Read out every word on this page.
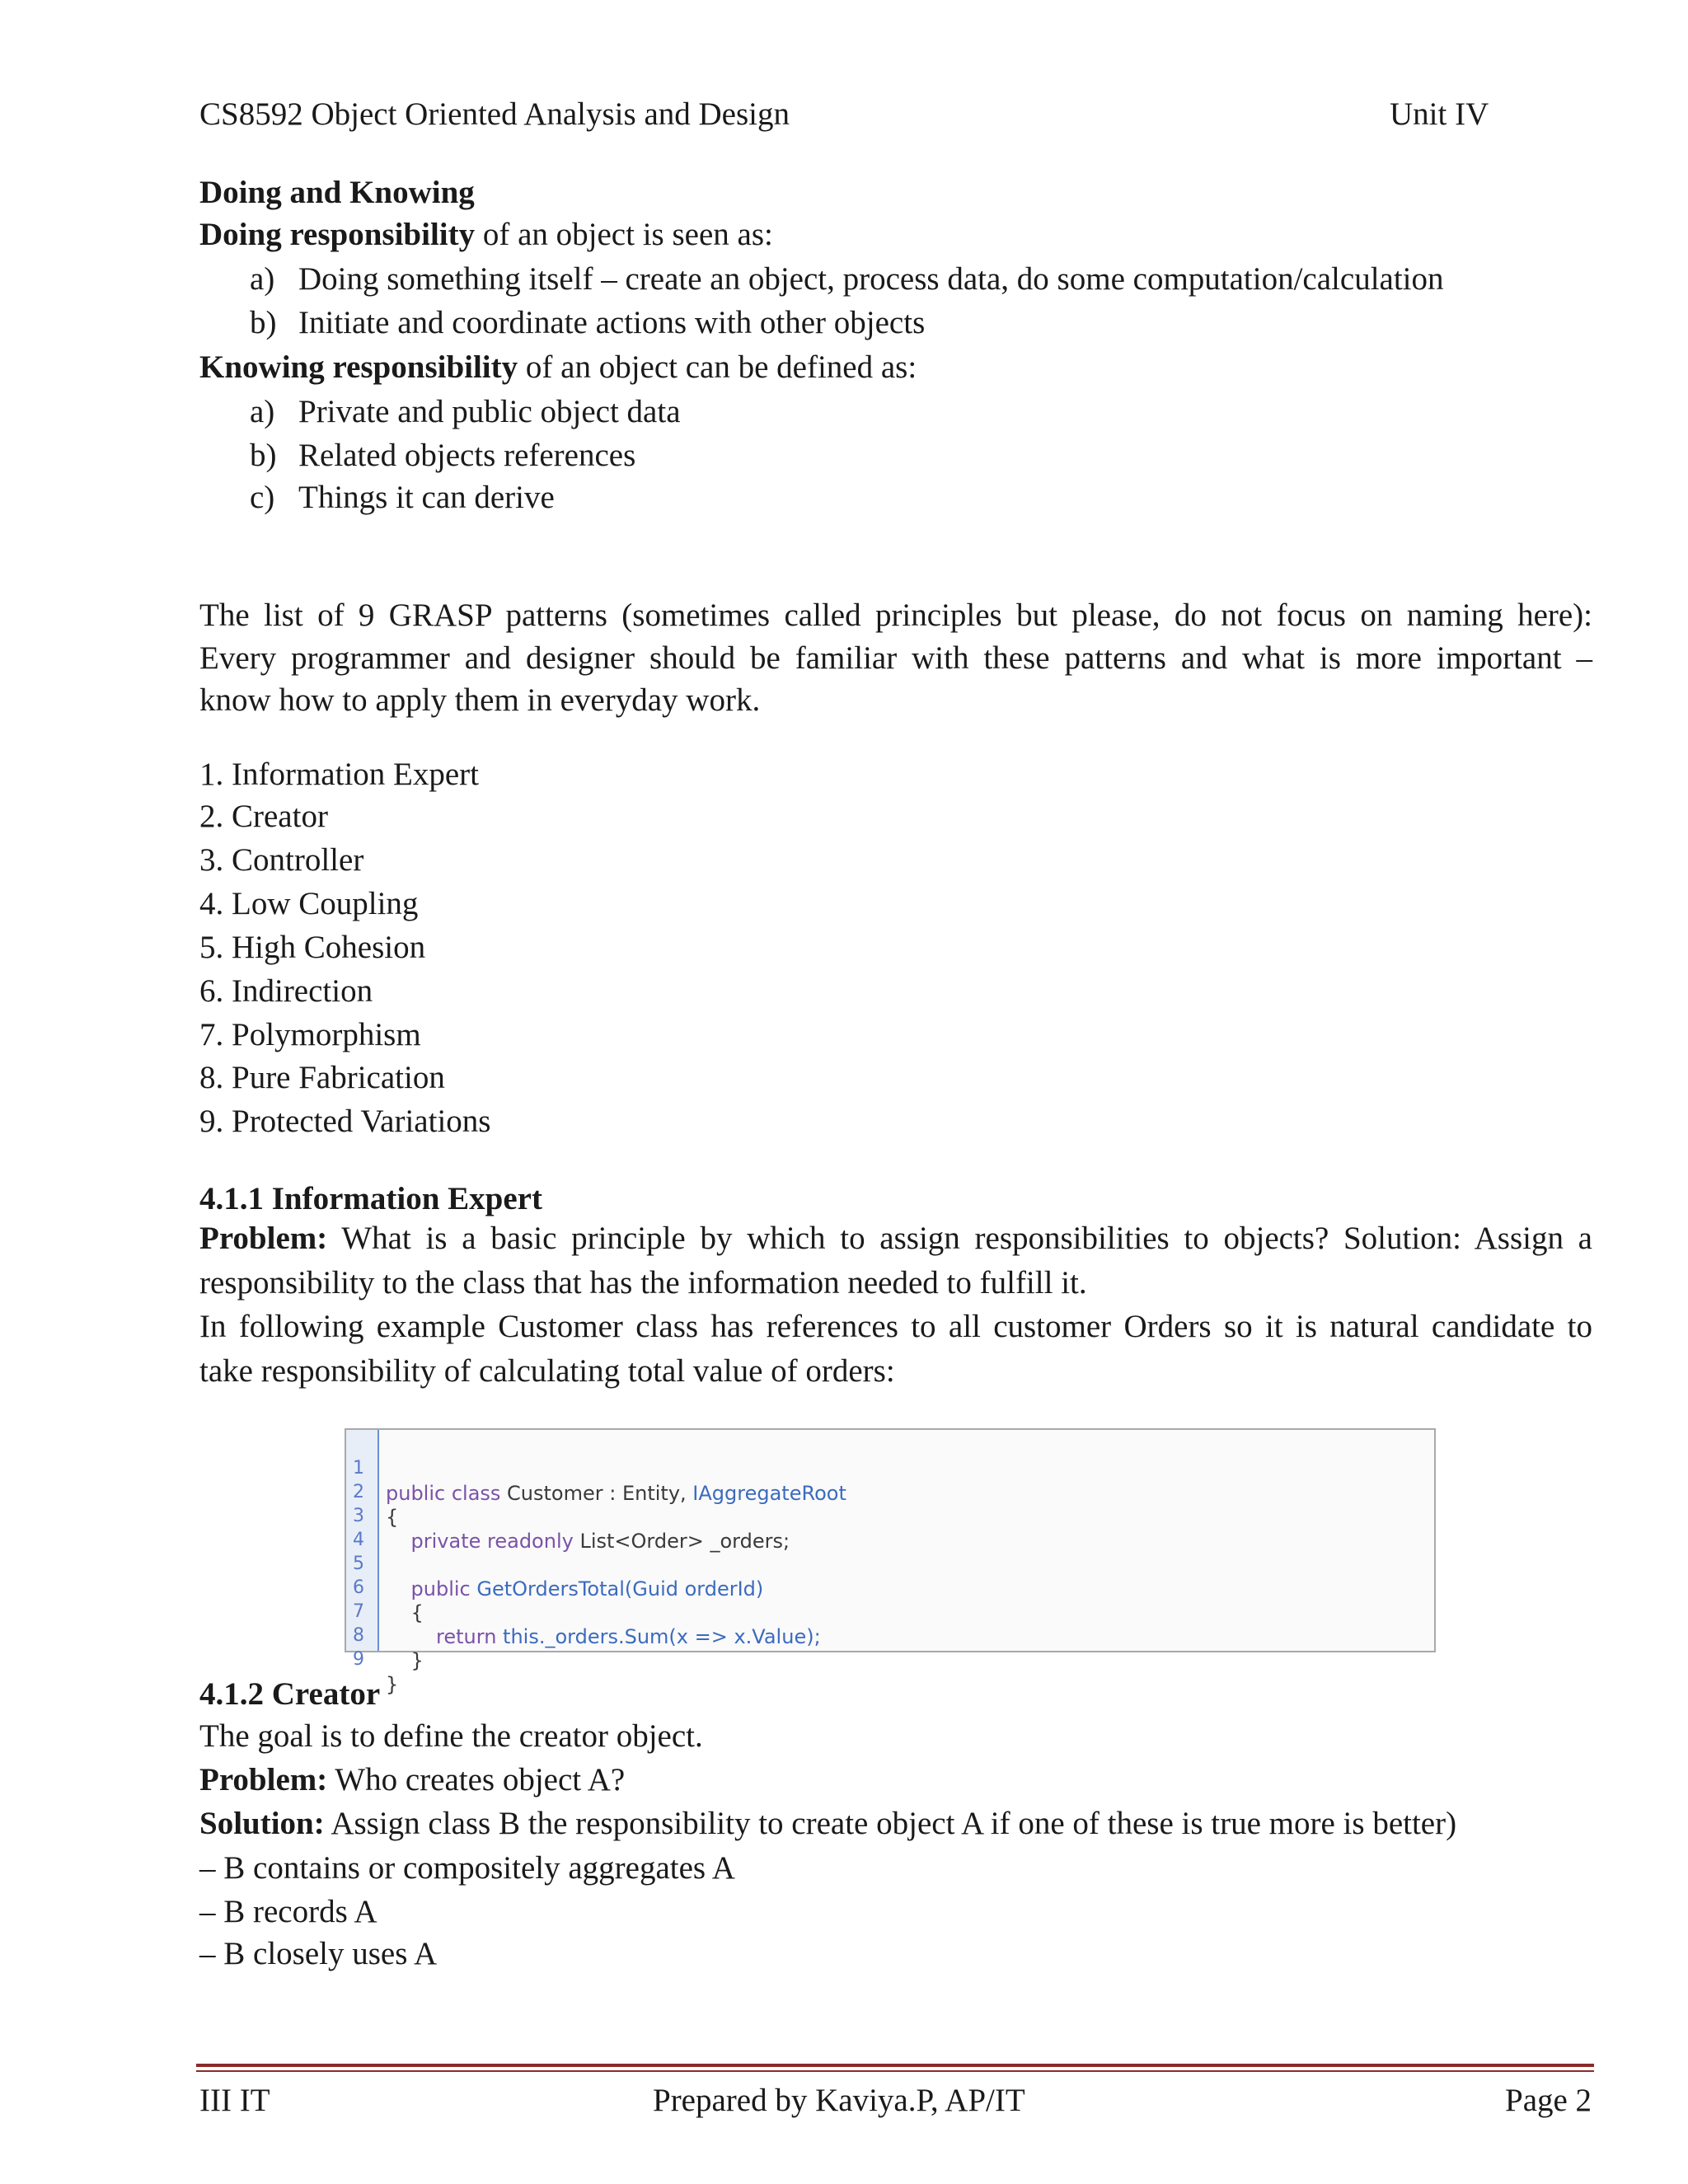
CS8592 Object Oriented Analysis and Design	Unit IV
Doing and Knowing
Doing responsibility of an object is seen as:
a) Doing something itself – create an object, process data, do some computation/calculation
b) Initiate and coordinate actions with other objects
Knowing responsibility of an object can be defined as:
a) Private and public object data
b) Related objects references
c) Things it can derive
The list of 9 GRASP patterns (sometimes called principles but please, do not focus on naming here):
Every programmer and designer should be familiar with these patterns and what is more important –
know how to apply them in everyday work.
1. Information Expert
2. Creator
3. Controller
4. Low Coupling
5. High Cohesion
6. Indirection
7. Polymorphism
8. Pure Fabrication
9. Protected Variations
4.1.1 Information Expert
Problem: What is a basic principle by which to assign responsibilities to objects? Solution: Assign a
responsibility to the class that has the information needed to fulfill it.
In following example Customer class has references to all customer Orders so it is natural candidate to
take responsibility of calculating total value of orders:

1

public class Customer : Entity, IAggregateRoot

2

{

3

private readonly List<Order> _orders;

4

5

public GetOrdersTotal(Guid orderId)

6

{

7

return this._orders.Sum(x => x.Value);

8

}

9

}

4.1.2 Creator
The goal is to define the creator object.
Problem: Who creates object A?
Solution: Assign class B the responsibility to create object A if one of these is true more is better)
– B contains or compositely aggregates A
– B records A
– B closely uses A
III IT	Prepared by Kaviya.P, AP/IT	Page 2
